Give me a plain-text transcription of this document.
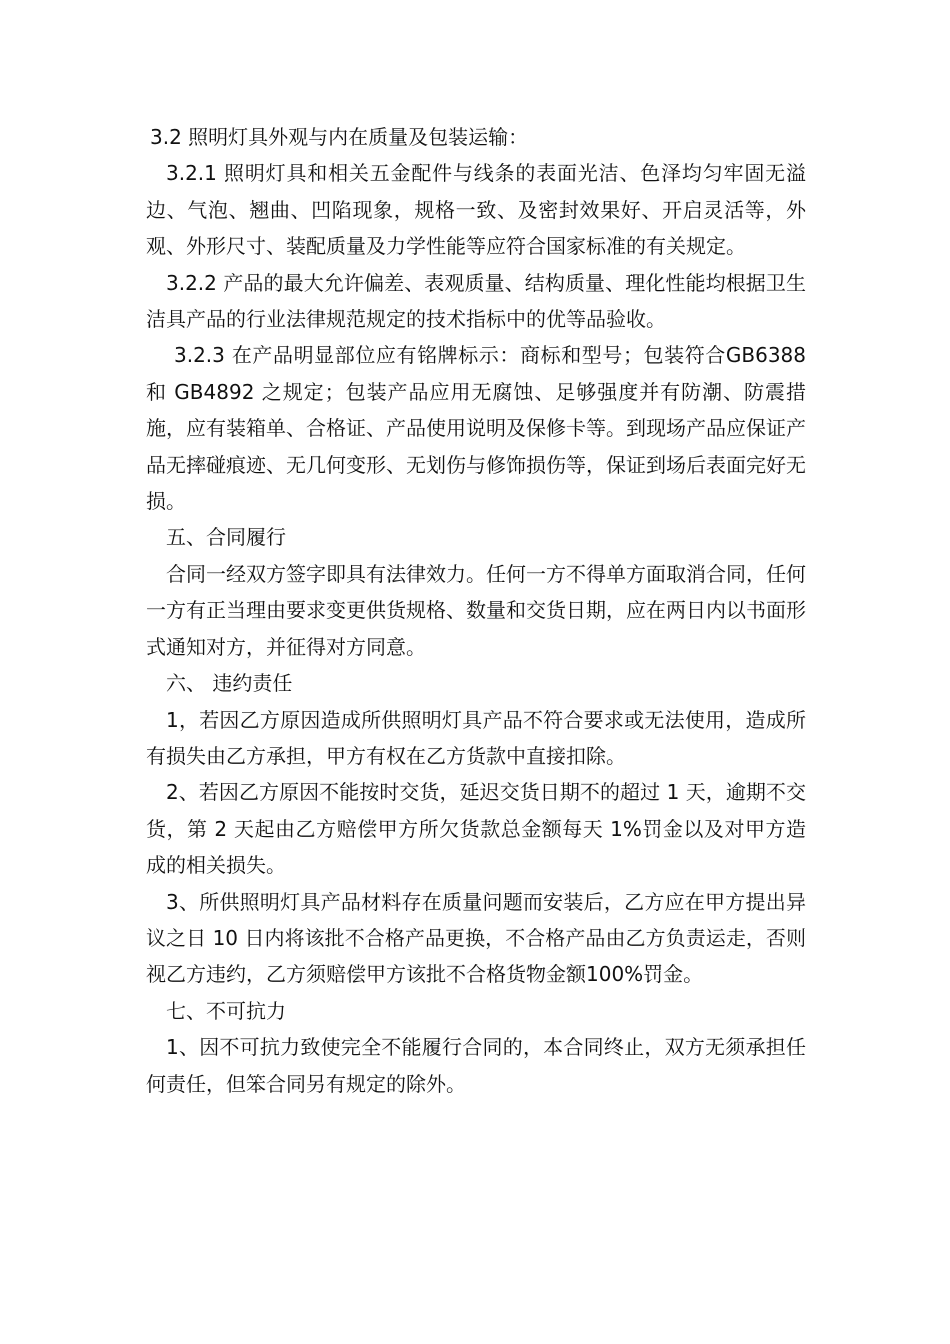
3.2 照明灯具外观与内在质量及包装运输：

3.2.1 照明灯具和相关五金配件与线条的表面光洁、色泽均匀牢固无溢边、气泡、翘曲、凹陷现象，规格一致、及密封效果好、开启灵活等，外观、外形尺寸、装配质量及力学性能等应符合国家标准的有关规定。

3.2.2 产品的最大允许偏差、表观质量、结构质量、理化性能均根据卫生洁具产品的行业法律规范规定的技术指标中的优等品验收。

3.2.3 在产品明显部位应有铭牌标示：商标和型号；包装符合GB6388 和 GB4892 之规定；包装产品应用无腐蚀、足够强度并有防潮、防震措施，应有装箱单、合格证、产品使用说明及保修卡等。到现场产品应保证产品无摔碰痕迹、无几何变形、无划伤与修饰损伤等，保证到场后表面完好无损。

五、合同履行

合同一经双方签字即具有法律效力。任何一方不得单方面取消合同，任何一方有正当理由要求变更供货规格、数量和交货日期，应在两日内以书面形式通知对方，并征得对方同意。

六、 违约责任

1，若因乙方原因造成所供照明灯具产品不符合要求或无法使用，造成所有损失由乙方承担，甲方有权在乙方货款中直接扣除。

2、若因乙方原因不能按时交货，延迟交货日期不的超过 1 天，逾期不交货，第 2 天起由乙方赔偿甲方所欠货款总金额每天 1%罚金以及对甲方造成的相关损失。

3、所供照明灯具产品材料存在质量问题而安装后，乙方应在甲方提出异议之日 10 日内将该批不合格产品更换，不合格产品由乙方负责运走，否则视乙方违约，乙方须赔偿甲方该批不合格货物金额100%罚金。

七、不可抗力

1、因不可抗力致使完全不能履行合同的，本合同终止，双方无须承担任何责任，但笨合同另有规定的除外。
